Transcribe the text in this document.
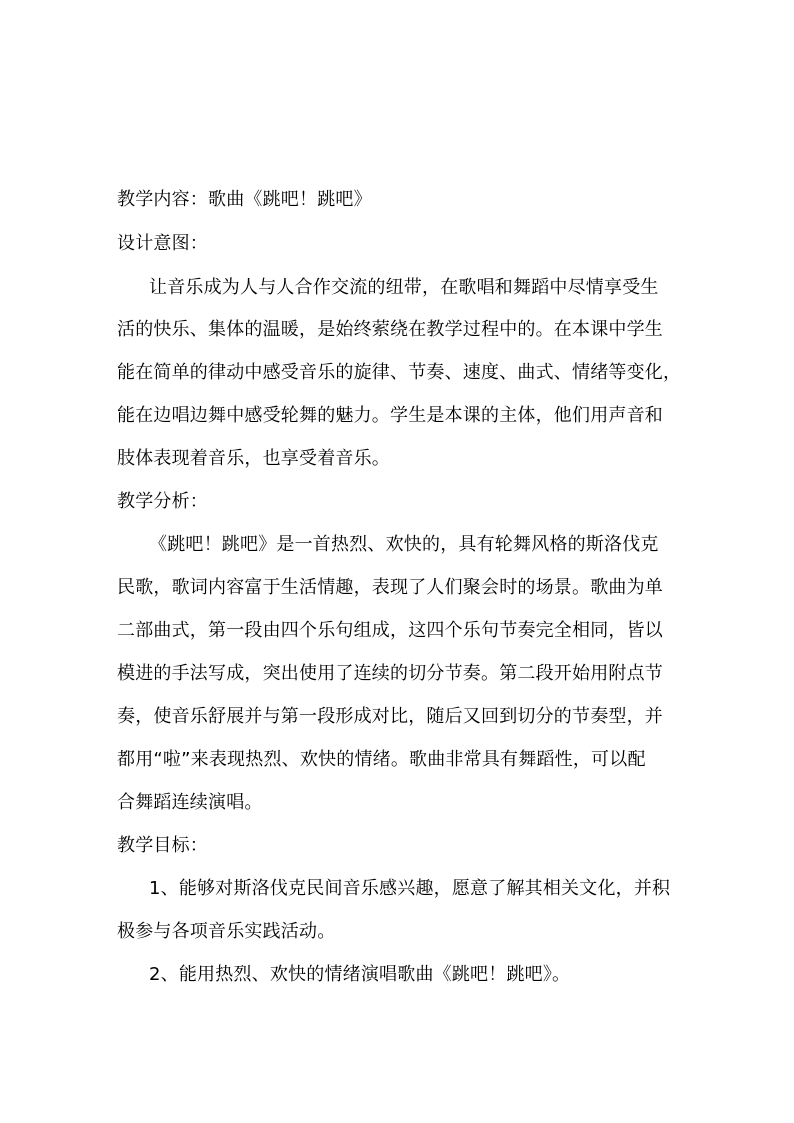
教学内容：歌曲《跳吧！跳吧》
设计意图：
让音乐成为人与人合作交流的纽带，在歌唱和舞蹈中尽情享受生
活的快乐、集体的温暖，是始终萦绕在教学过程中的。在本课中学生
能在简单的律动中感受音乐的旋律、节奏、速度、曲式、情绪等变化，
能在边唱边舞中感受轮舞的魅力。学生是本课的主体，他们用声音和
肢体表现着音乐，也享受着音乐。
教学分析：
《跳吧！跳吧》是一首热烈、欢快的，具有轮舞风格的斯洛伐克
民歌，歌词内容富于生活情趣，表现了人们聚会时的场景。歌曲为单
二部曲式，第一段由四个乐句组成，这四个乐句节奏完全相同，皆以
模进的手法写成，突出使用了连续的切分节奏。第二段开始用附点节
奏，使音乐舒展并与第一段形成对比，随后又回到切分的节奏型，并
都用“啦”来表现热烈、欢快的情绪。歌曲非常具有舞蹈性，可以配
合舞蹈连续演唱。
教学目标：
1、能够对斯洛伐克民间音乐感兴趣，愿意了解其相关文化，并积
极参与各项音乐实践活动。
2、能用热烈、欢快的情绪演唱歌曲《跳吧！跳吧》。
